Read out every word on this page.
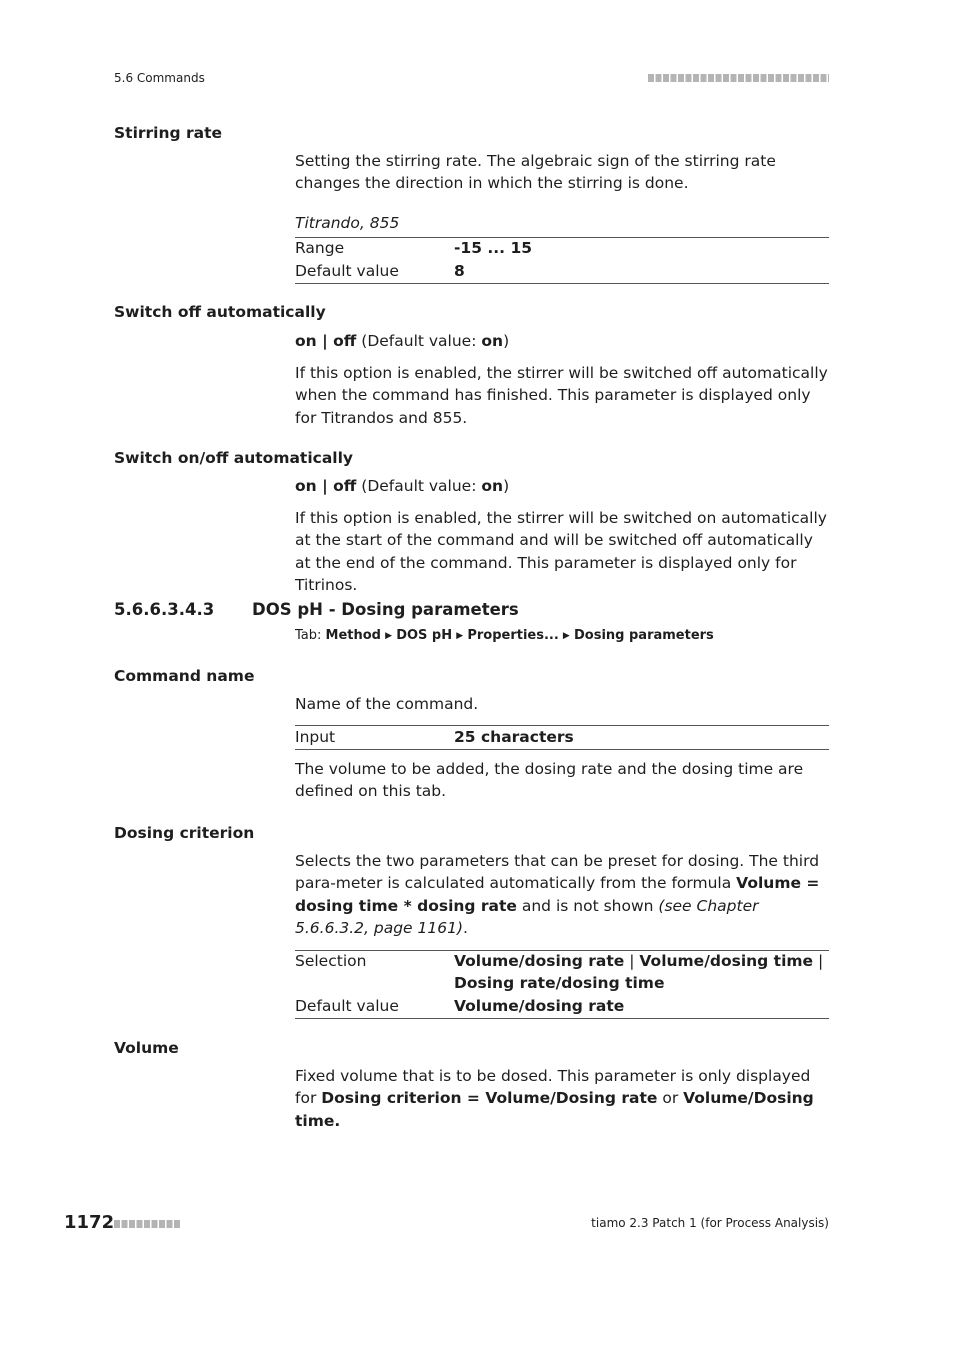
5.6 Commands
Stirring rate
Setting the stirring rate. The algebraic sign of the stirring rate changes the direction in which the stirring is done.
Titrando, 855
Range	-15 ... 15
Default value	8
Switch off automatically
on | off (Default value: on)
If this option is enabled, the stirrer will be switched off automatically when the command has finished. This parameter is displayed only for Titrandos and 855.
Switch on/off automatically
on | off (Default value: on)
If this option is enabled, the stirrer will be switched on automatically at the start of the command and will be switched off automatically at the end of the command. This parameter is displayed only for Titrinos.
5.6.6.3.4.3 DOS pH - Dosing parameters
Tab: Method ▶ DOS pH ▶ Properties... ▶ Dosing parameters
Command name
Name of the command.
Input	25 characters
The volume to be added, the dosing rate and the dosing time are defined on this tab.
Dosing criterion
Selects the two parameters that can be preset for dosing. The third para-meter is calculated automatically from the formula Volume = dosing time * dosing rate and is not shown (see Chapter 5.6.6.3.2, page 1161).
Selection	Volume/dosing rate | Volume/dosing time | Dosing rate/dosing time
Default value	Volume/dosing rate
Volume
Fixed volume that is to be dosed. This parameter is only displayed for Dosing criterion = Volume/Dosing rate or Volume/Dosing time.
1172	tiamo 2.3 Patch 1 (for Process Analysis)
